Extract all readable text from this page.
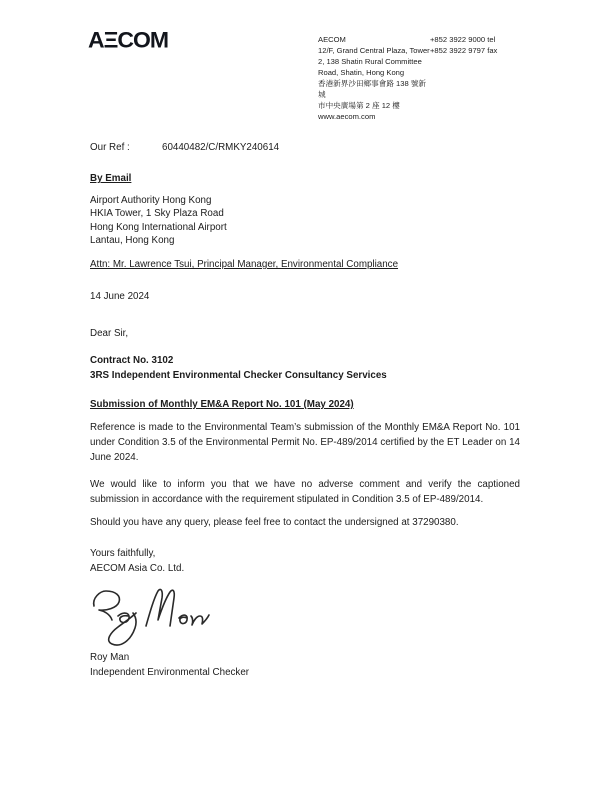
AΞCOM	AECOM
12/F, Grand Central Plaza, Tower
2, 138 Shatin Rural Committee
Road, Shatin, Hong Kong
香港新界沙田鄉事會路 138 號新城
市中央廣場第 2 座 12 樓
www.aecom.com
+852 3922 9000 tel
+852 3922 9797 fax
Our Ref :	60440482/C/RMKY240614
By Email
Airport Authority Hong Kong
HKIA Tower, 1 Sky Plaza Road
Hong Kong International Airport
Lantau, Hong Kong
Attn: Mr. Lawrence Tsui, Principal Manager, Environmental Compliance
14 June 2024
Dear Sir,
Contract No. 3102
3RS Independent Environmental Checker Consultancy Services
Submission of Monthly EM&A Report No. 101 (May 2024)
Reference is made to the Environmental Team’s submission of the Monthly EM&A Report No. 101 under Condition 3.5 of the Environmental Permit No. EP-489/2014 certified by the ET Leader on 14 June 2024.
We would like to inform you that we have no adverse comment and verify the captioned submission in accordance with the requirement stipulated in Condition 3.5 of EP-489/2014.
Should you have any query, please feel free to contact the undersigned at 37290380.
Yours faithfully,
AECOM Asia Co. Ltd.
Roy Man
Independent Environmental Checker
